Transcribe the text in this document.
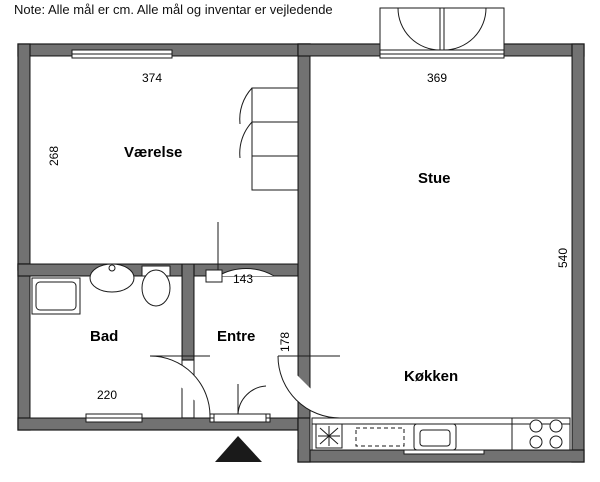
Note: Alle mål er cm. Alle mål og inventar er vejledende
Værelse
Stue
Bad	Entre
Køkken
374
268
369
540
143
178
220
